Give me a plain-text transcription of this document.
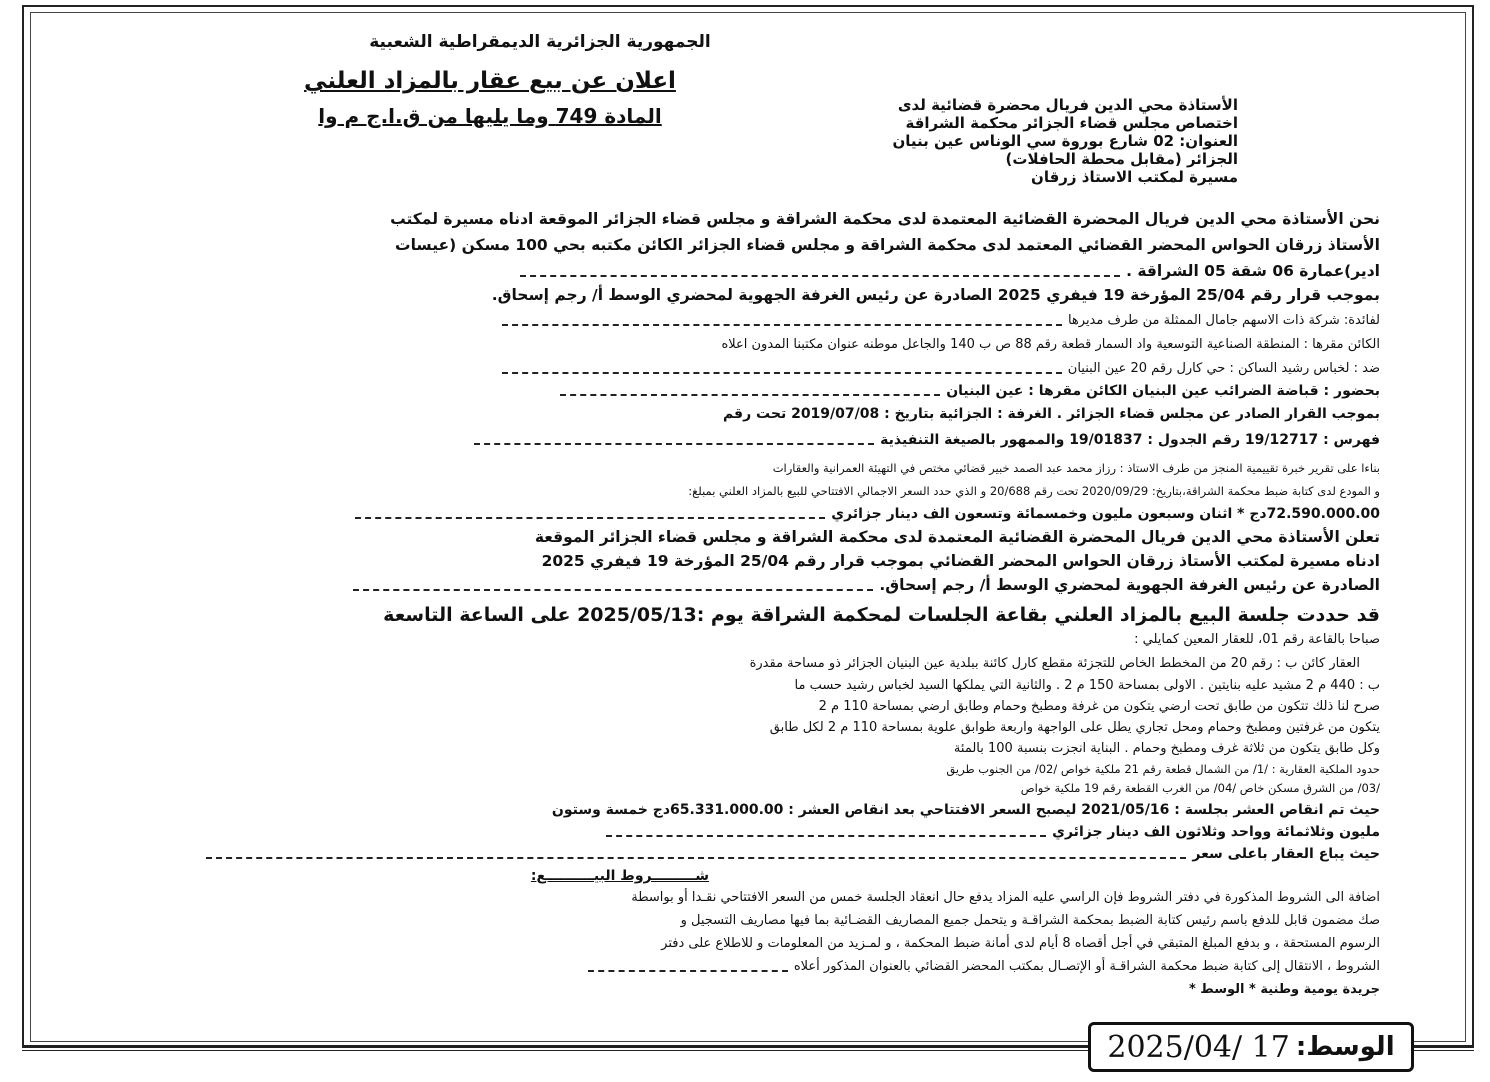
الجمهورية الجزائرية الديمقراطية الشعبية
اعلان عن بيع عقار بالمزاد العلني
المادة 749 وما يليها من ق.ا.ج م وا	الأستاذة محي الدين فريال محضرة قضائية لدى
اختصاص مجلس قضاء الجزائر محكمة الشراقة
العنوان: 02 شارع بوروة سي الوناس عين بنيان
الجزائر (مقابل محطة الحافلات)
مسيرة لمكتب الاستاذ زرقان
نحن الأستاذة محي الدين فريال المحضرة القضائية المعتمدة لدى محكمة الشراقة و مجلس قضاء الجزائر الموقعة ادناه مسيرة لمكتب
الأستاذ زرقان الحواس المحضر القضائي المعتمد لدى محكمة الشراقة و مجلس قضاء الجزائر الكائن مكتبه بحي 100 مسكن (عيسات
ادير)عمارة 06 شقة 05 الشراقة .
بموجب قرار رقم 25/04 المؤرخة 19 فيفري 2025 الصادرة عن رئيس الغرفة الجهوية لمحضري الوسط أ/ رجم إسحاق.
لفائدة: شركة ذات الاسهم جامال الممثلة من طرف مديرها
الكائن مقرها : المنطقة الصناعية التوسعية واد السمار قطعة رقم 88 ص ب 140 والجاعل موطنه عنوان مكتبنا المدون اعلاه
ضد : لخباس رشيد الساكن : حي كارل رقم 20 عين البنيان
بحضور : قباضة الضرائب عين البنيان الكائن مقرها : عين البنيان
بموجب القرار الصادر عن مجلس قضاء الجزائر . الغرفة : الجزائية بتاريخ : 2019/07/08 تحت رقم
فهرس : 19/12717 رقم الجدول : 19/01837 والممهور بالصيغة التنفيذية
بناءا على تقرير خبرة تقييمية المنجز من طرف الاستاذ : رزاز محمد عبد الصمد خبير قضائي مختص في التهيئة العمرانية والعقارات
و المودع لدى كتابة ضبط محكمة الشراقة،بتاريخ: 2020/09/29 تحت رقم 20/688 و الذي حدد السعر الاجمالي الافتتاحي للبيع بالمزاد العلني بمبلغ:
72.590.000.00دج * اثنان وسبعون مليون وخمسمائة وتسعون الف دينار جزائري
تعلن الأستاذة محي الدين فريال المحضرة القضائية المعتمدة لدى محكمة الشراقة و مجلس قضاء الجزائر الموقعة
ادناه مسيرة لمكتب الأستاذ زرقان الحواس المحضر القضائي بموجب قرار رقم 25/04 المؤرخة 19 فيفري 2025
الصادرة عن رئيس الغرفة الجهوية لمحضري الوسط أ/ رجم إسحاق.
قد حددت جلسة البيع بالمزاد العلني بقاعة الجلسات لمحكمة الشراقة يوم :2025/05/13 على الساعة التاسعة
صباحا بالقاعة رقم 01، للعقار المعين كمايلي :
العقار كائن ب : رقم 20 من المخطط الخاص للتجزئة مقطع كارل كائنة ببلدية عين البنيان الجزائر ذو مساحة مقدرة
ب : 440 م 2 مشيد عليه بنايتين . الاولى بمساحة 150 م 2 . والثانية التي يملكها السيد لخباس رشيد حسب ما
صرح لنا ذلك تتكون من طابق تحت ارضي يتكون من غرفة ومطبخ وحمام وطابق ارضي بمساحة 110 م 2
يتكون من غرفتين ومطبخ وحمام ومحل تجاري يطل على الواجهة واربعة طوابق علوية بمساحة 110 م 2 لكل طابق
وكل طابق يتكون من ثلاثة غرف ومطبخ وحمام . البناية انجزت بنسبة 100 بالمئة
حدود الملكية العقارية : /1/ من الشمال قطعة رقم 21 ملكية خواص /02/ من الجنوب طريق
/03/ من الشرق مسكن خاص /04/ من الغرب القطعة رقم 19 ملكية خواص
حيث تم انقاص العشر بجلسة : 2021/05/16 ليصبح السعر الافتتاحي بعد انقاص العشر : 65.331.000.00دج خمسة وستون
مليون وثلاثمائة وواحد وثلاثون الف دينار جزائري
حيث يباع العقار باعلى سعر
شـــــــــروط البيــــــــــع:
اضافة الى الشروط المذكورة في دفتر الشروط فإن الراسي عليه المزاد يدفع حال انعقاد الجلسة خمس من السعر الافتتاحي نقـدا أو بواسطة
صك مضمون قابل للدفع باسم رئيس كتابة الضبط بمحكمة الشراقـة و يتحمل جميع المصاريف القضـائية بما فيها مصاريف التسجيل و
الرسوم المستحقة ، و بدفع المبلغ المتبقي في أجل أقصاه 8 أيام لدى أمانة ضبط المحكمة ، و لمـزيد من المعلومات و للاطلاع على دفتر
الشروط ، الانتقال إلى كتابة ضبط محكمة الشراقـة أو الإتصـال بمكتب المحضر القضائي بالعنوان المذكور أعلاه
جريدة يومية وطنية * الوسط *
الوسط:
2025/04/ 17
